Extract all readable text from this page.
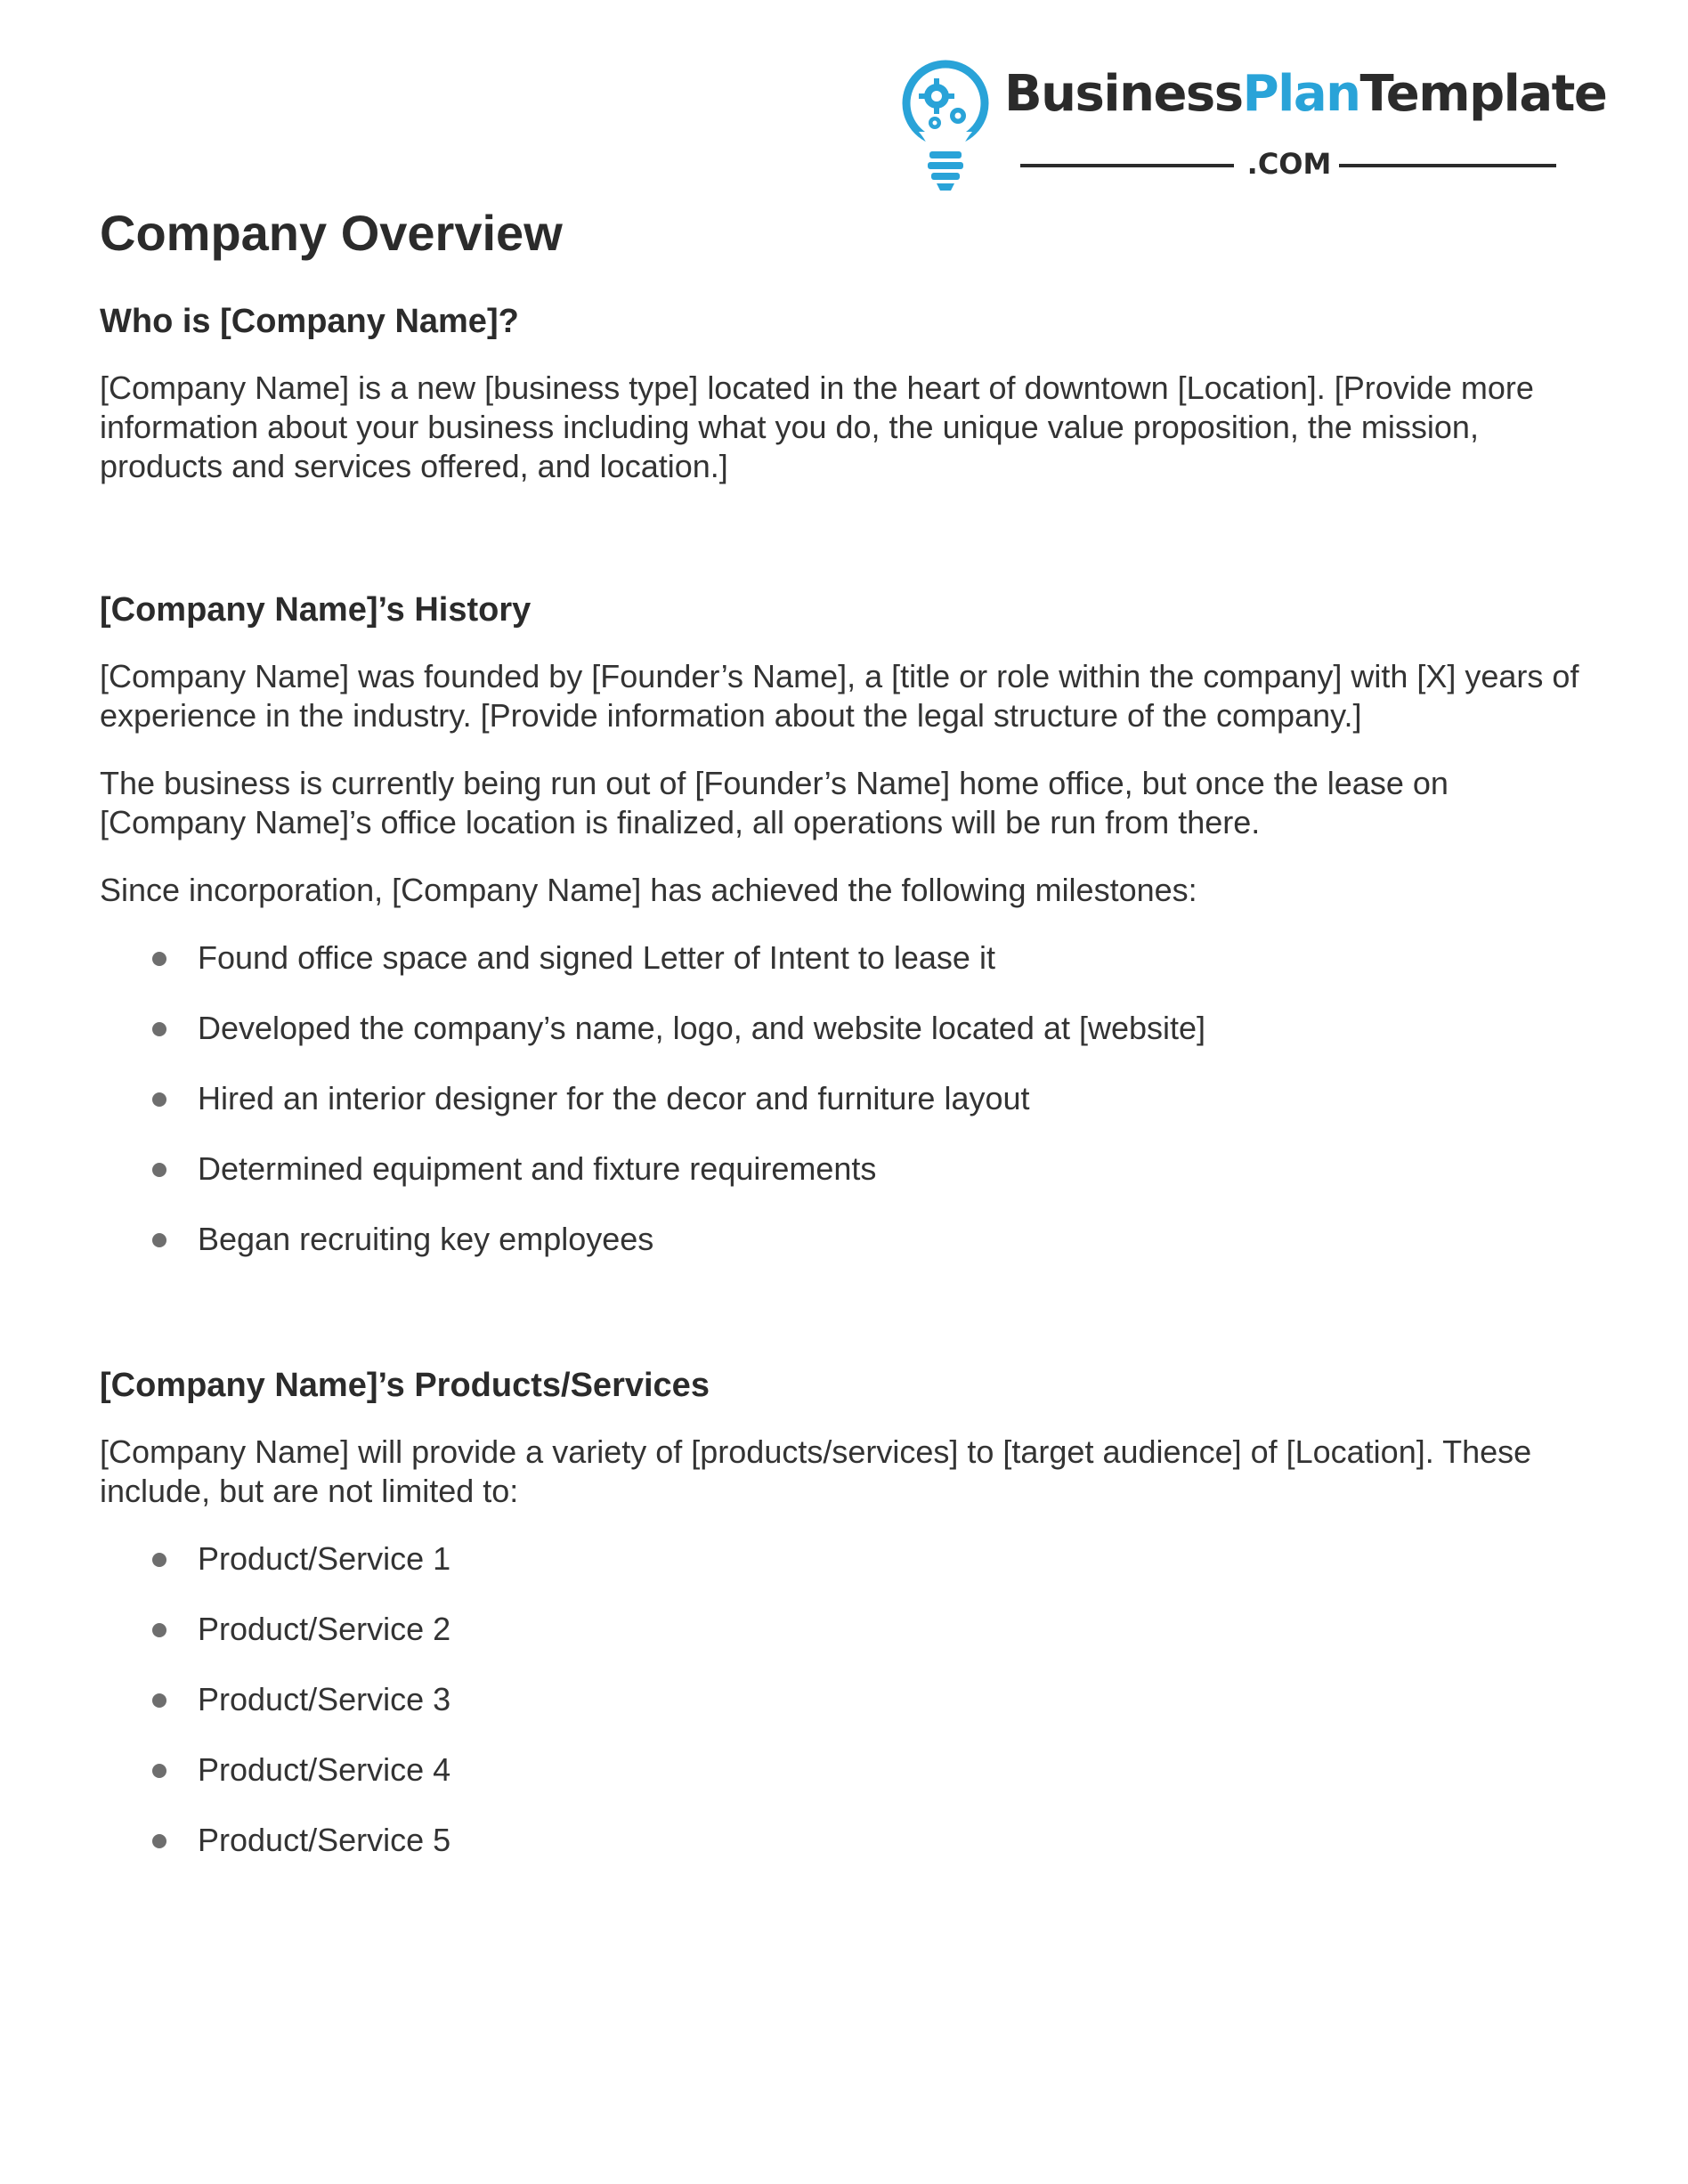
BusinessPlanTemplate
.COM
Company Overview
Who is [Company Name]?
[Company Name] is a new [business type] located in the heart of downtown [Location]. [Provide more information about your business including what you do, the unique value proposition, the mission, products and services offered, and location.]
[Company Name]’s History
[Company Name] was founded by [Founder’s Name], a [title or role within the company] with [X] years of experience in the industry. [Provide information about the legal structure of the company.]
The business is currently being run out of [Founder’s Name] home office, but once the lease on [Company Name]’s office location is finalized, all operations will be run from there.
Since incorporation, [Company Name] has achieved the following milestones:
Found office space and signed Letter of Intent to lease it
Developed the company’s name, logo, and website located at [website]
Hired an interior designer for the decor and furniture layout
Determined equipment and fixture requirements
Began recruiting key employees
[Company Name]’s Products/Services
[Company Name] will provide a variety of [products/services] to [target audience] of [Location]. These include, but are not limited to:
Product/Service 1
Product/Service 2
Product/Service 3
Product/Service 4
Product/Service 5
